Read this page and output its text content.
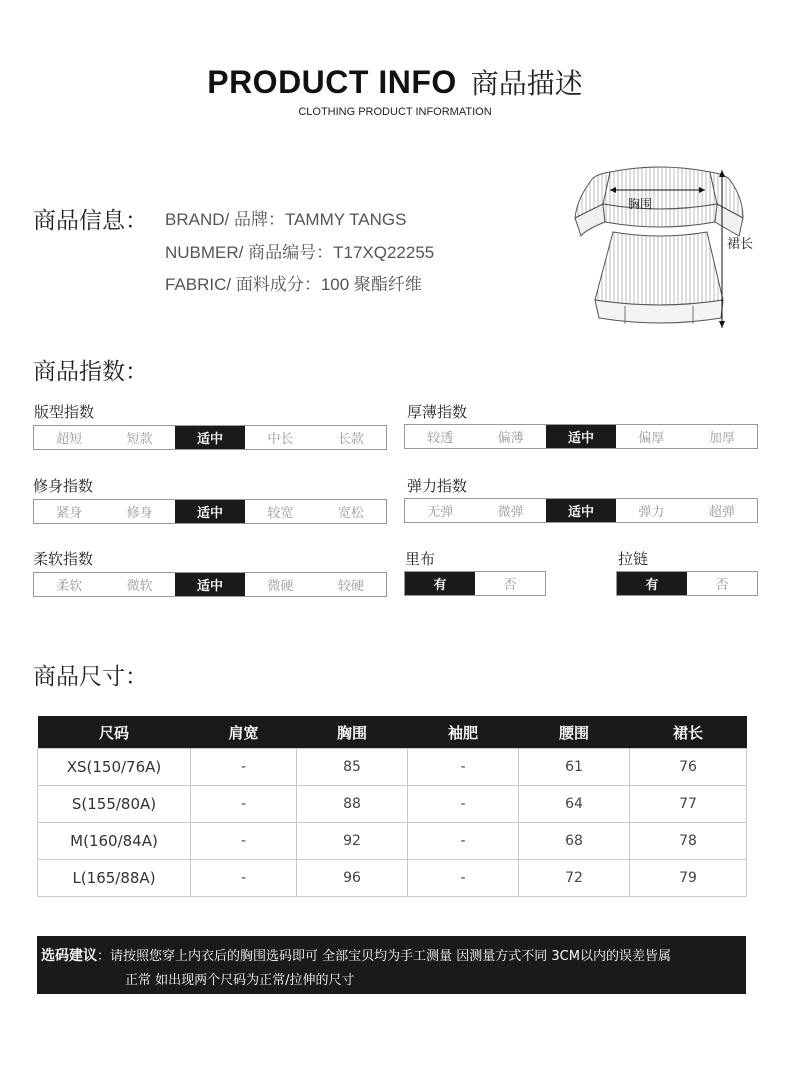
PRODUCT INFO 商品描述
CLOTHING PRODUCT INFORMATION
商品信息： BRAND/ 品牌：TAMMY TANGS
NUBMER/ 商品编号：T17XQ22255
FABRIC/ 面料成分：100 聚酯纤维
胸围
裙长
商品指数：
版型指数
超短	短款	适中	中长	长款
厚薄指数
较透	偏薄	适中	偏厚	加厚
修身指数
紧身	修身	适中	较宽	宽松
弹力指数
无弹	微弹	适中	弹力	超弹
柔软指数
柔软	微软	适中	微硬	较硬
里布
有	否
拉链
有	否
商品尺寸：
尺码	肩宽	胸围	袖肥	腰围	裙长
XS(150/76A)	-	85	-	61	76
S(155/80A)	-	88	-	64	77
M(160/84A)	-	92	-	68	78
L(165/88A)	-	96	-	72	79
选码建议：请按照您穿上内衣后的胸围选码即可 全部宝贝均为手工测量 因测量方式不同 3CM以内的误差皆属
正常 如出现两个尺码为正常/拉伸的尺寸
